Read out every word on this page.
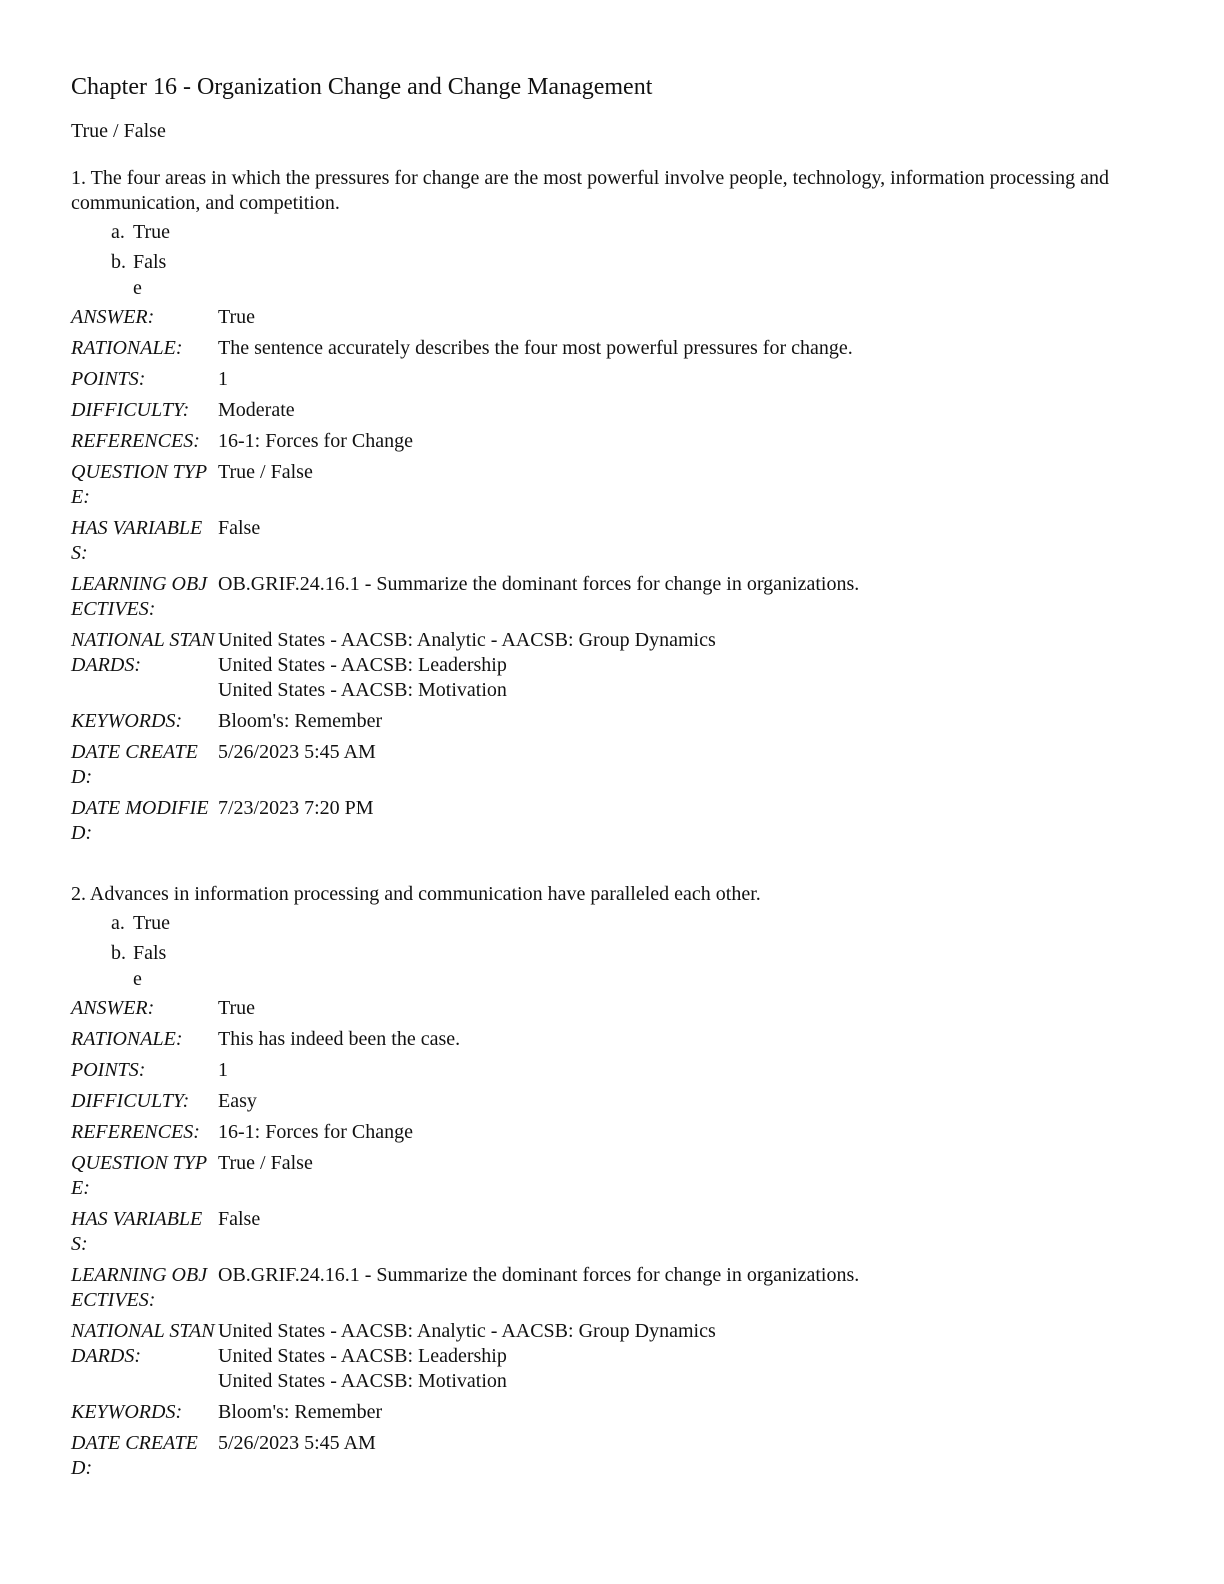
Chapter 16 - Organization Change and Change Management
True / False
1. The four areas in which the pressures for change are the most powerful involve people, technology, information processing and communication, and competition.
a. True
b. False
ANSWER:	True
RATIONALE:	The sentence accurately describes the four most powerful pressures for change.
POINTS:	1
DIFFICULTY:	Moderate
REFERENCES: 16-1: Forces for Change
QUESTION TYPE:
True / False
HAS VARIABLES:
False
LEARNING OBJECTIVES:
OB.GRIF.24.16.1 - Summarize the dominant forces for change in organizations.
NATIONAL STANDARDS:
United States - AACSB: Analytic - AACSB: Group Dynamics
United States - AACSB: Leadership
United States - AACSB: Motivation
KEYWORDS:	Bloom's: Remember
DATE CREATED:
5/26/2023 5:45 AM
DATE MODIFIED:
7/23/2023 7:20 PM
2. Advances in information processing and communication have paralleled each other.
a. True
b. False
ANSWER:	True
RATIONALE:	This has indeed been the case.
POINTS:	1
DIFFICULTY:	Easy
REFERENCES: 16-1: Forces for Change
QUESTION TYPE:
True / False
HAS VARIABLES:
False
LEARNING OBJECTIVES:
OB.GRIF.24.16.1 - Summarize the dominant forces for change in organizations.
NATIONAL STANDARDS:
United States - AACSB: Analytic - AACSB: Group Dynamics
United States - AACSB: Leadership
United States - AACSB: Motivation
KEYWORDS:	Bloom's: Remember
DATE CREATED:
5/26/2023 5:45 AM
